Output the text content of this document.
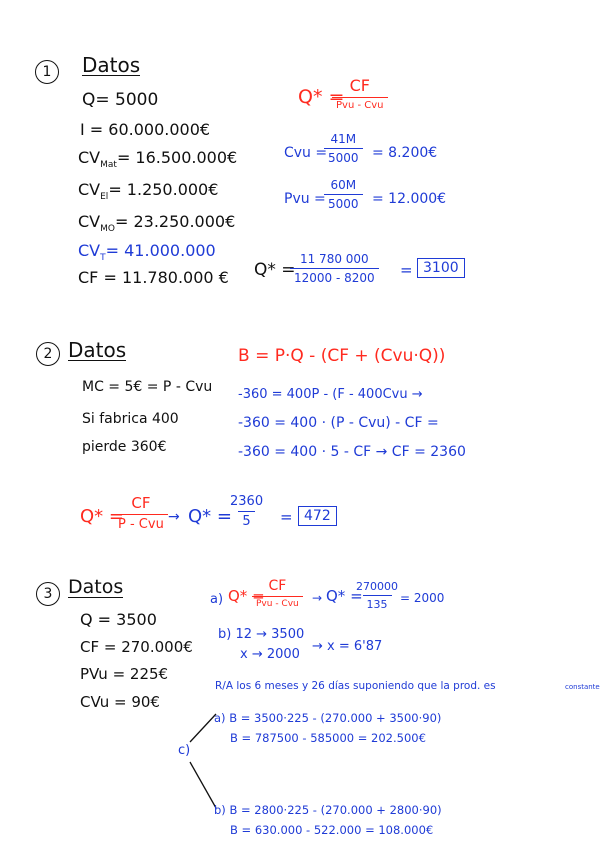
1	Datos
Q= 5000
I = 60.000.000€
$CV_{Mat}=$ 16.500.000€
$CV_{El}=$ 1.250.000€
$CV_{MO}=$ 23.250.000€
$CV_T= 41.000.000$
CF = 11.780.000 €
Q* =
CF
Pvu - Cvu
Cvu =
$\frac{41M}{5000}$ = 8.200€
Pvu =
$\frac{60M}{5000}$ = 12.000€
Q* =
$\frac{11 780 000}{12000 - 8200} = 3100$
2 Datos
MC = 5€ = P - Cvu
Si fabrica 400
pierde 360€
B = P·Q - (CF + (Cvu·Q))
-360 = 400P - (F - 400Cvu →
-360 = 400 · (P - Cvu) - CF =
-360 = 400 · 5 - CF → CF = 2360
Q* =
CF
P - Cvu → Q* =
$\frac{2360}{5} = 472$
3 Datos
Q = 3500
CF = 270.000€
PVu = 225€
CVu = 90€
a) Q* =
CF
Pvu - Cvu	→ Q* =
$\frac{270000}{135}$
= 2000
b) 12 → 3500
x → 2000
→ x = 6'87
R/A los 6 meses y 26 días suponiendo que la prod. es	constante
c)
a) B = 3500·225 - (270.000 + 3500·90)
B = 787500 - 585000 = 202.500€
b) B = 2800·225 - (270.000 + 2800·90)
B = 630.000 - 522.000 = 108.000€
